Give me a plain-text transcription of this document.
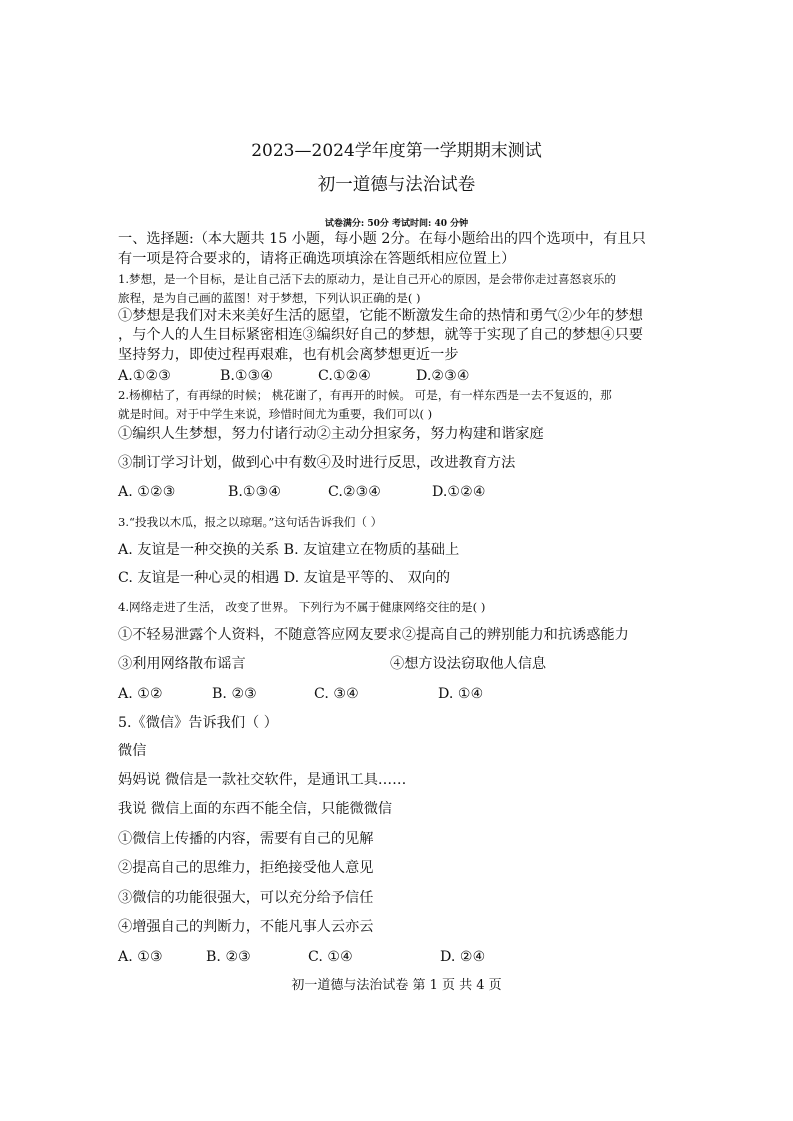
2023—2024学年度第一学期期末测试
初一道德与法治试卷
试卷满分: 50分 考试时间: 40 分钟
一、选择题:（本大题共 15 小题，每小题 2分。在每小题给出的四个选项中，有且只
有一项是符合要求的，请将正确选项填涂在答题纸相应位置上）
1.梦想，是一个目标，是让自己活下去的原动力，是让自己开心的原因，是会带你走过喜怒哀乐的
旅程，是为自己画的蓝图！对于梦想，下列认识正确的是( )
①梦想是我们对未来美好生活的愿望，它能不断激发生命的热情和勇气②少年的梦想
，与个人的人生目标紧密相连③编织好自己的梦想，就等于实现了自己的梦想④只要
坚持努力，即使过程再艰难，也有机会离梦想更近一步
A.①②③	B.①③④	C.①②④	D.②③④
2.杨柳枯了，有再绿的时候； 桃花谢了，有再开的时候。 可是，有一样东西是一去不复返的，那
就是时间。对于中学生来说，珍惜时间尤为重要，我们可以( )
①编织人生梦想，努力付诸行动②主动分担家务，努力构建和谐家庭
③制订学习计划，做到心中有数④及时进行反思，改进教育方法
A. ①②③	B.①③④	C.②③④	D.①②④
3.“投我以木瓜，报之以琼琚。”这句话告诉我们（ ）
A. 友谊是一种交换的关系 B. 友谊建立在物质的基础上
C. 友谊是一种心灵的相遇 D. 友谊是平等的、 双向的
4.网络走进了生活， 改变了世界。 下列行为不属于健康网络交往的是( )
①不轻易泄露个人资料，不随意答应网友要求②提高自己的辨别能力和抗诱惑能力
③利用网络散布谣言	④想方设法窃取他人信息
A. ①②	B. ②③	C. ③④	D. ①④
5.《微信》告诉我们（ ）
微信
妈妈说 微信是一款社交软件，是通讯工具……
我说 微信上面的东西不能全信，只能微微信
①微信上传播的内容，需要有自己的见解
②提高自己的思维力，拒绝接受他人意见
③微信的功能很强大，可以充分给予信任
④增强自己的判断力，不能凡事人云亦云
A. ①③	B. ②③	C. ①④	D. ②④
初一道德与法治试卷 第 1 页 共 4 页
